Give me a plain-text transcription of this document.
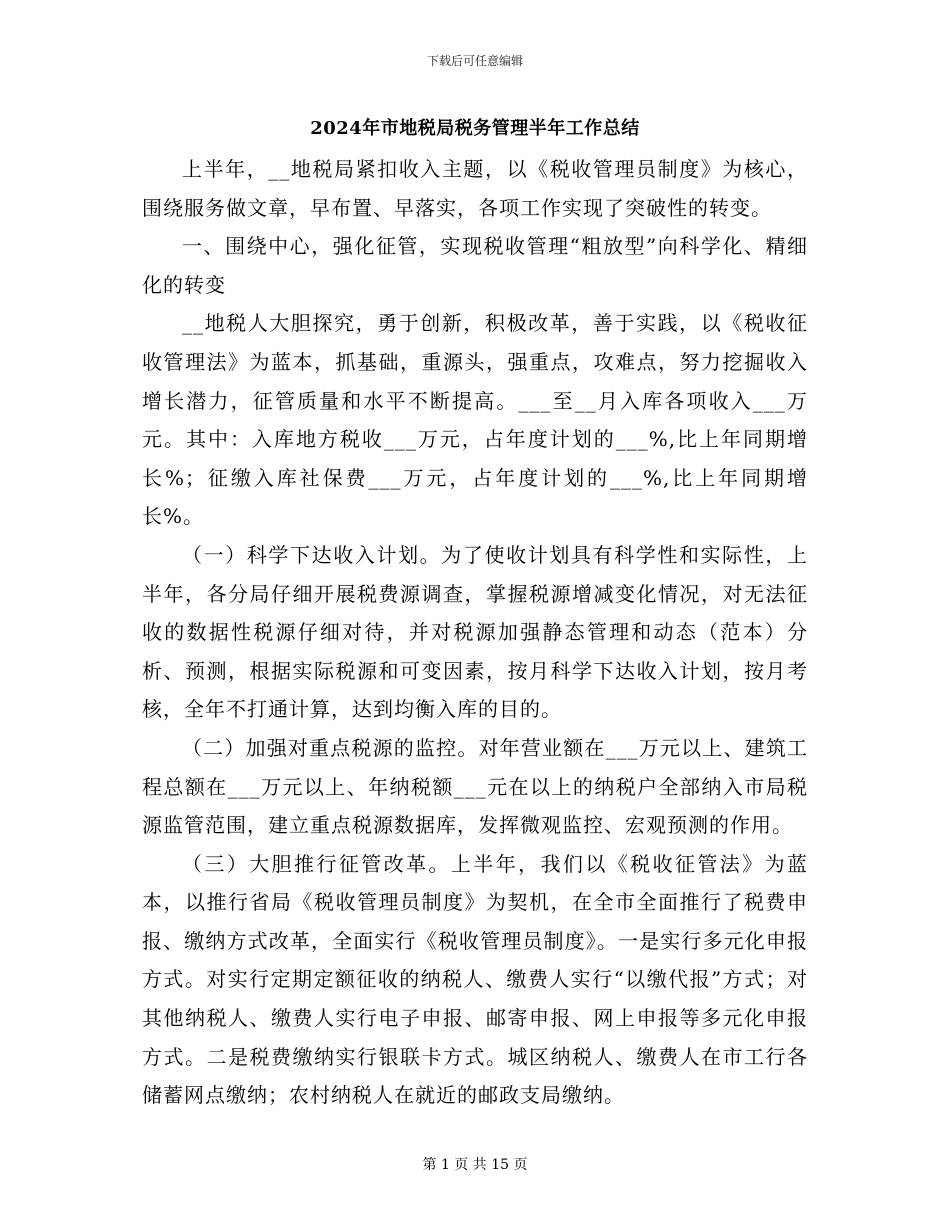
下载后可任意编辑
2024年市地税局税务管理半年工作总结

上半年，__地税局紧扣收入主题，以《税收管理员制度》为核心，围绕服务做文章，早布置、早落实，各项工作实现了突破性的转变。

一、围绕中心，强化征管，实现税收管理“粗放型”向科学化、精细化的转变

__地税人大胆探究，勇于创新，积极改革，善于实践，以《税收征收管理法》为蓝本，抓基础，重源头，强重点，攻难点，努力挖掘收入增长潜力，征管质量和水平不断提高。___至__月入库各项收入___万元。其中：入库地方税收___万元，占年度计划的___%,比上年同期增长%；征缴入库社保费___万元，占年度计划的___%,比上年同期增长%。

（一）科学下达收入计划。为了使收计划具有科学性和实际性，上半年，各分局仔细开展税费源调查，掌握税源增减变化情况，对无法征收的数据性税源仔细对待，并对税源加强静态管理和动态（范本）分析、预测，根据实际税源和可变因素，按月科学下达收入计划，按月考核，全年不打通计算，达到均衡入库的目的。

（二）加强对重点税源的监控。对年营业额在___万元以上、建筑工程总额在___万元以上、年纳税额___元在以上的纳税户全部纳入市局税源监管范围，建立重点税源数据库，发挥微观监控、宏观预测的作用。

（三）大胆推行征管改革。上半年，我们以《税收征管法》为蓝本，以推行省局《税收管理员制度》为契机，在全市全面推行了税费申报、缴纳方式改革，全面实行《税收管理员制度》。一是实行多元化申报方式。对实行定期定额征收的纳税人、缴费人实行“以缴代报”方式；对其他纳税人、缴费人实行电子申报、邮寄申报、网上申报等多元化申报方式。二是税费缴纳实行银联卡方式。城区纳税人、缴费人在市工行各储蓄网点缴纳；农村纳税人在就近的邮政支局缴纳。

第 1 页 共 15 页
